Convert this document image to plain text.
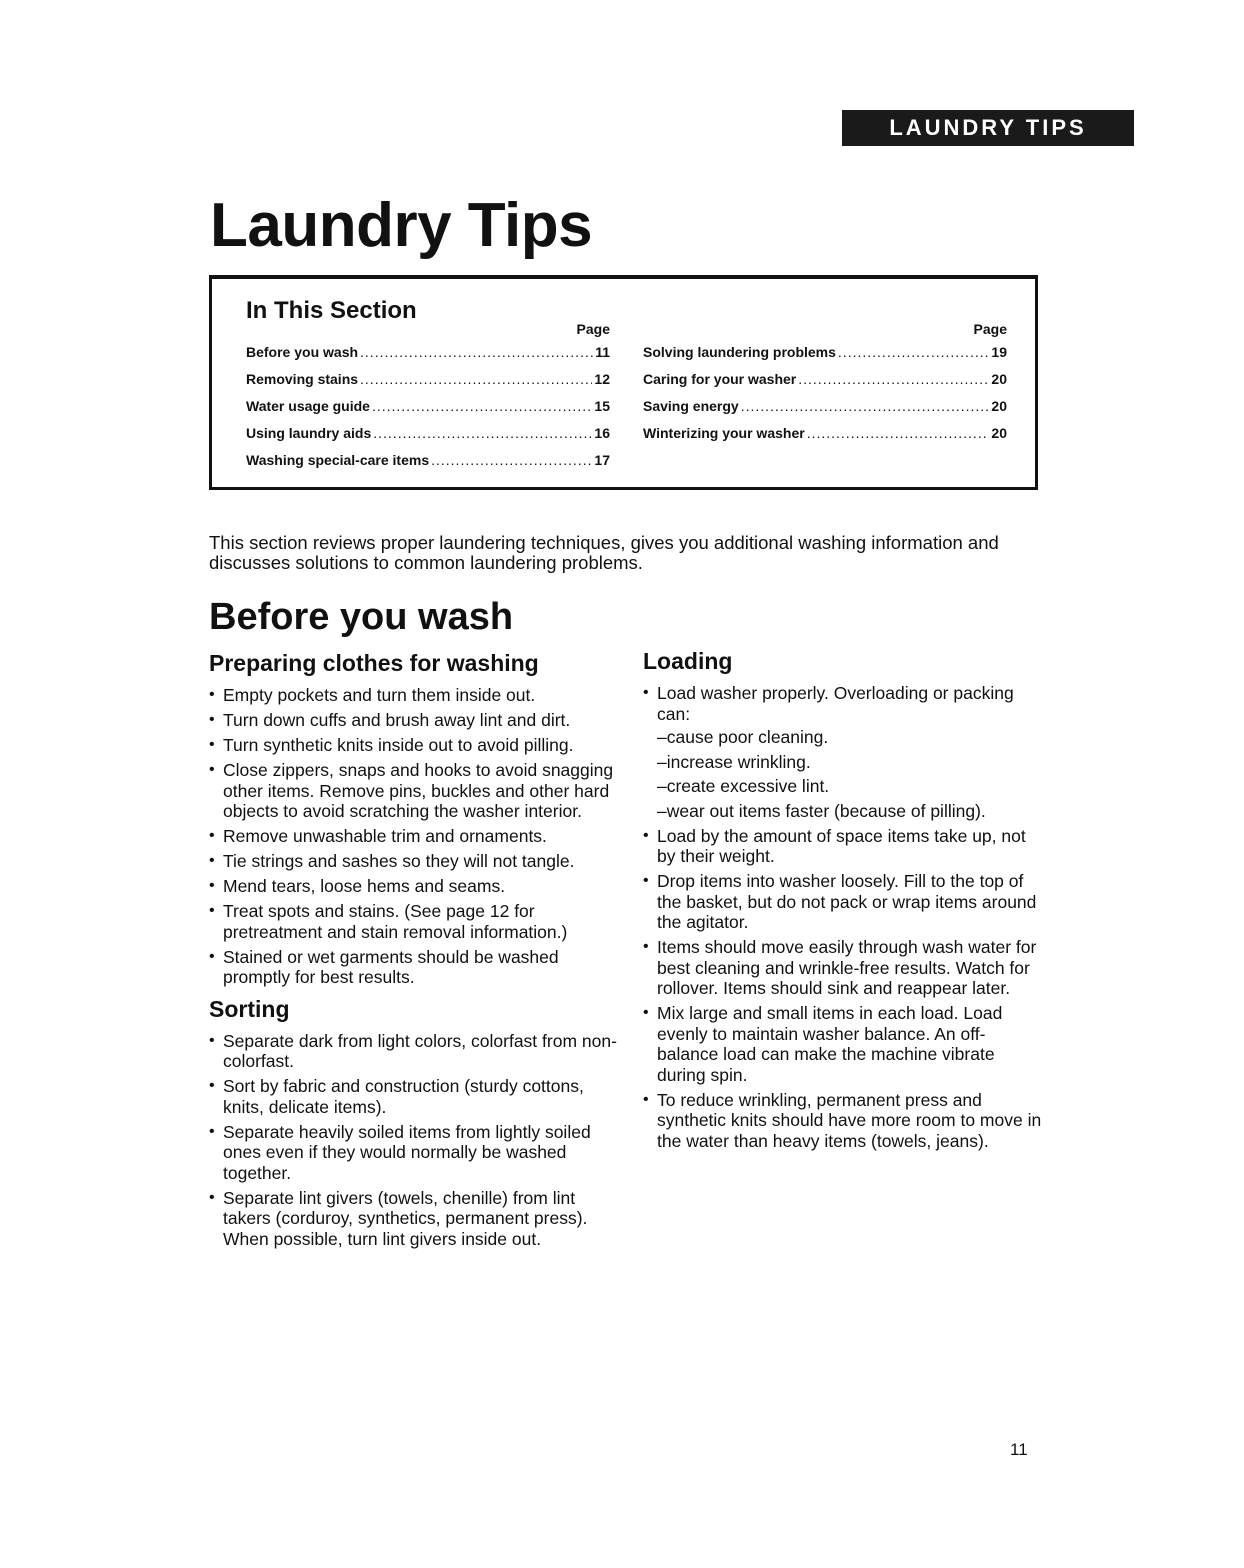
LAUNDRY TIPS
Laundry Tips
In This Section
Page
Before you wash .....	11
Removing stains .....	12
Water usage guide .....	15
Using laundry aids .....	16
Washing special-care items .....	17
Page
Solving laundering problems .....	19
Caring for your washer .....	20
Saving energy .....	20
Winterizing your washer .....	20

This section reviews proper laundering techniques, gives you additional washing information and discusses solutions to common laundering problems.

Before you wash
Preparing clothes for washing
• Empty pockets and turn them inside out.
• Turn down cuffs and brush away lint and dirt.
• Turn synthetic knits inside out to avoid pilling.
• Close zippers, snaps and hooks to avoid snagging other items. Remove pins, buckles and other hard objects to avoid scratching the washer interior.
• Remove unwashable trim and ornaments.
• Tie strings and sashes so they will not tangle.
• Mend tears, loose hems and seams.
• Treat spots and stains. (See page 12 for pretreatment and stain removal information.)
• Stained or wet garments should be washed promptly for best results.
Sorting
• Separate dark from light colors, colorfast from non-colorfast.
• Sort by fabric and construction (sturdy cottons, knits, delicate items).
• Separate heavily soiled items from lightly soiled ones even if they would normally be washed together.
• Separate lint givers (towels, chenille) from lint takers (corduroy, synthetics, permanent press). When possible, turn lint givers inside out.
Loading
• Load washer properly. Overloading or packing can:
–cause poor cleaning.
–increase wrinkling.
–create excessive lint.
–wear out items faster (because of pilling).
• Load by the amount of space items take up, not by their weight.
• Drop items into washer loosely. Fill to the top of the basket, but do not pack or wrap items around the agitator.
• Items should move easily through wash water for best cleaning and wrinkle-free results. Watch for rollover. Items should sink and reappear later.
• Mix large and small items in each load. Load evenly to maintain washer balance. An off-balance load can make the machine vibrate during spin.
• To reduce wrinkling, permanent press and synthetic knits should have more room to move in the water than heavy items (towels, jeans).
11
